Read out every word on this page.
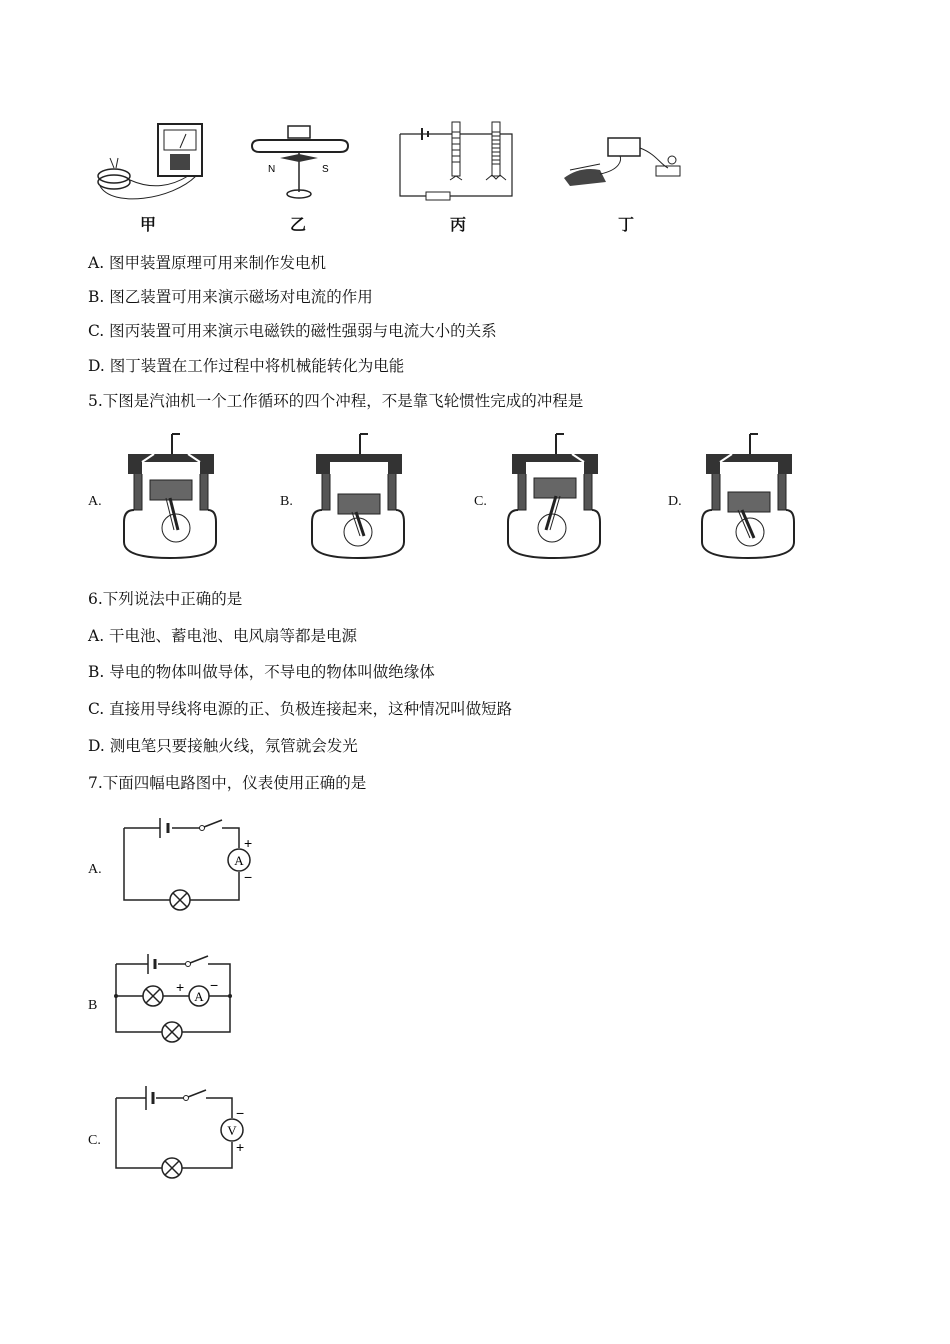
N	S
甲	乙	丙	丁
A. 图甲装置原理可用来制作发电机
B. 图乙装置可用来演示磁场对电流的作用
C. 图丙装置可用来演示电磁铁的磁性强弱与电流大小的关系
D. 图丁装置在工作过程中将机械能转化为电能
5.下图是汽油机一个工作循环的四个冲程，不是靠飞轮惯性完成的冲程是
A.	B.	C.	D.
6.下列说法中正确的是
A. 干电池、蓄电池、电风扇等都是电源
B. 导电的物体叫做导体，不导电的物体叫做绝缘体
C. 直接用导线将电源的正、负极连接起来，这种情况叫做短路
D. 测电笔只要接触火线，氖管就会发光
7.下面四幅电路图中，仪表使用正确的是
A.
A
+
−
B
A
+ −
C.
V
−
+
